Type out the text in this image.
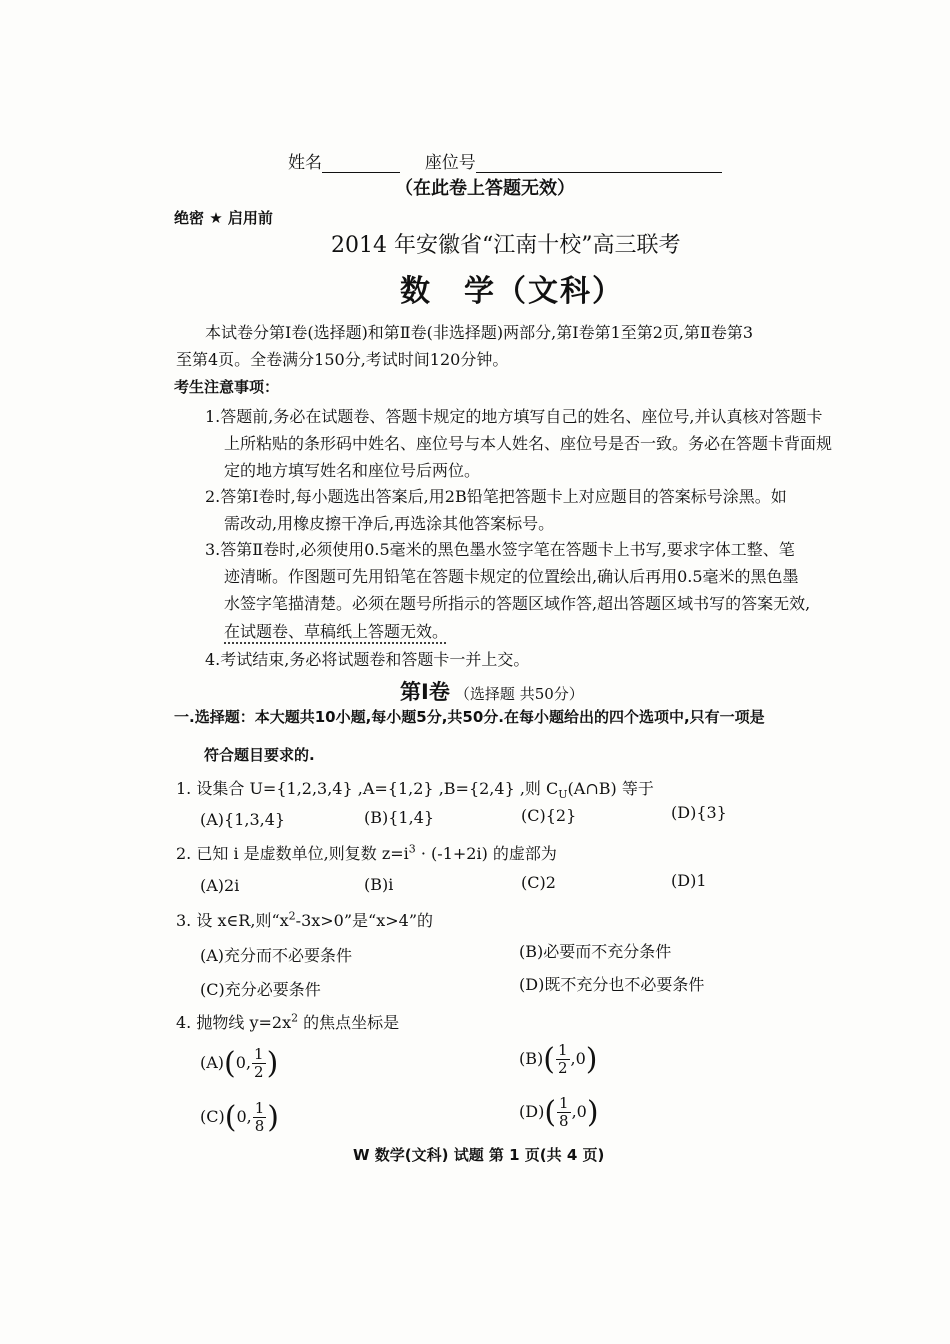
姓名	座位号
（在此卷上答题无效）
绝密 ★ 启用前
2014 年安徽省“江南十校”高三联考
数　学（文科）
本试卷分第Ⅰ卷(选择题)和第Ⅱ卷(非选择题)两部分,第Ⅰ卷第1至第2页,第Ⅱ卷第3
至第4页。全卷满分150分,考试时间120分钟。
考生注意事项：
1.答题前,务必在试题卷、答题卡规定的地方填写自己的姓名、座位号,并认真核对答题卡
上所粘贴的条形码中姓名、座位号与本人姓名、座位号是否一致。务必在答题卡背面规
定的地方填写姓名和座位号后两位。
2.答第Ⅰ卷时,每小题选出答案后,用2B铅笔把答题卡上对应题目的答案标号涂黑。如
需改动,用橡皮擦干净后,再选涂其他答案标号。
3.答第Ⅱ卷时,必须使用0.5毫米的黑色墨水签字笔在答题卡上书写,要求字体工整、笔
迹清晰。作图题可先用铅笔在答题卡规定的位置绘出,确认后再用0.5毫米的黑色墨
水签字笔描清楚。必须在题号所指示的答题区域作答,超出答题区域书写的答案无效,
在试题卷、草稿纸上答题无效。
4.考试结束,务必将试题卷和答题卡一并上交。
第Ⅰ卷 （选择题 共50分）
一.选择题：本大题共10小题,每小题5分,共50分.在每小题给出的四个选项中,只有一项是
符合题目要求的.
1. 设集合 U={1,2,3,4} ,A={1,2} ,B={2,4} ,则 $C_U(A\cap B)$ 等于
(A){1,3,4}	(B){1,4}	(C){2}	(D){3}
2. 已知 i 是虚数单位,则复数 $z=i^3 \cdot (-1+2i)$ 的虚部为
(A)2i	(B)i	(C)2	(D)1
3. 设 x∈R,则“$x^2-3x>0$”是“x>4”的
(A)充分而不必要条件	(B)必要而不充分条件
(C)充分必要条件	(D)既不充分也不必要条件
4. 抛物线 $y=2x^2$ 的焦点坐标是
(A)(0, $\frac{1}{2}$ )	$(B)( \frac{1}{2} ,0)$
(C)(0, $\frac{1}{8}$ )	$(D)( \frac{1}{8} ,0)$
W 数学(文科) 试题 第 1 页(共 4 页)
